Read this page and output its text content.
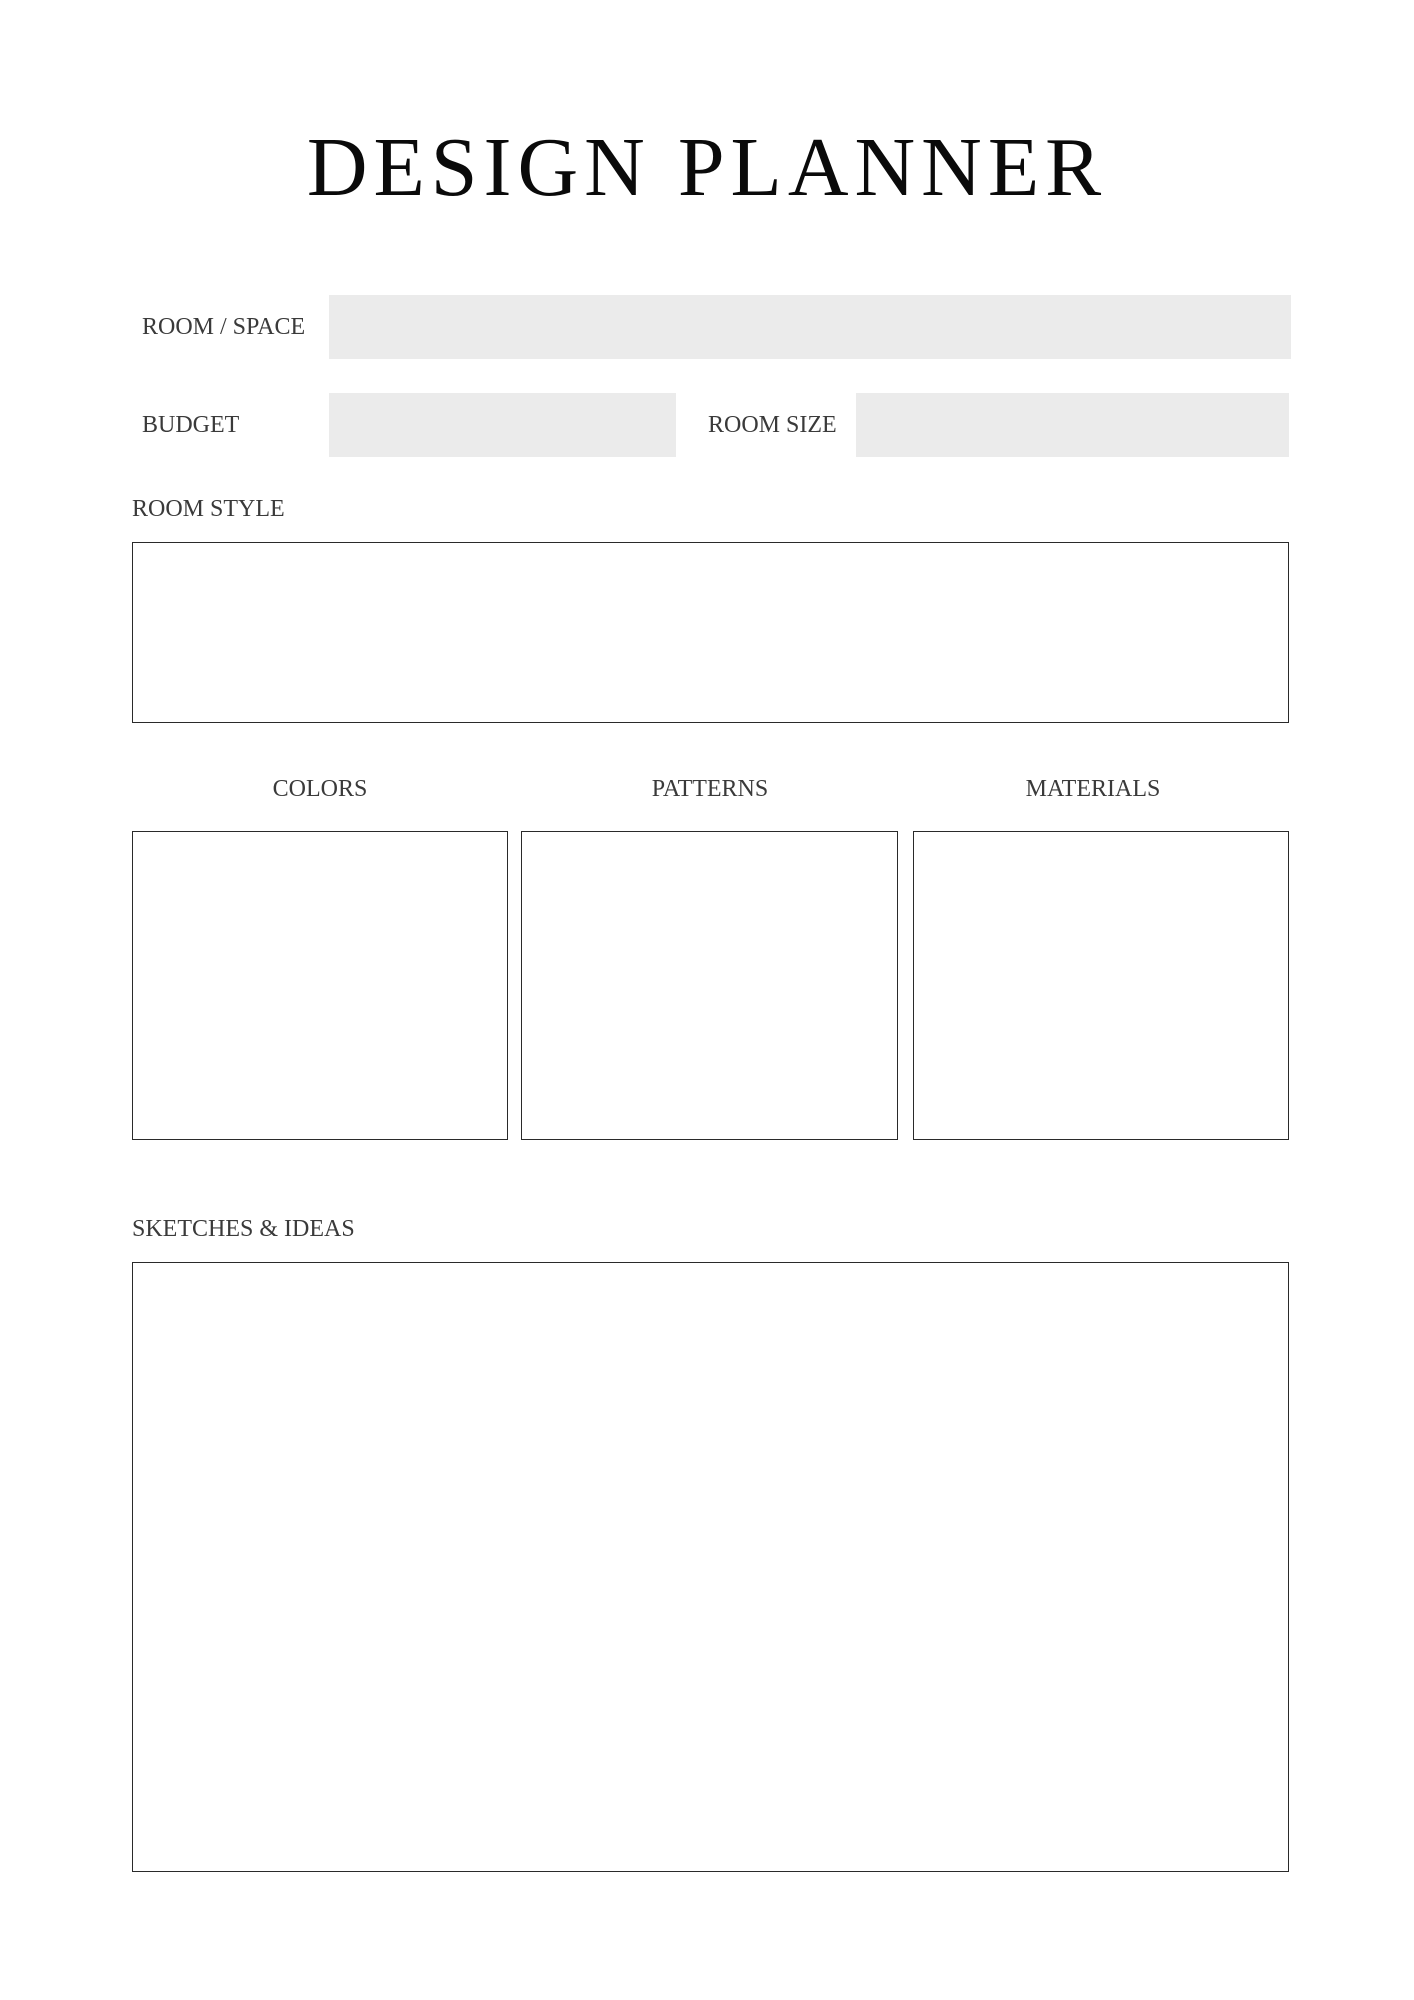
DESIGN PLANNER
ROOM / SPACE
BUDGET	ROOM SIZE
ROOM STYLE
COLORS	PATTERNS	MATERIALS
SKETCHES & IDEAS
